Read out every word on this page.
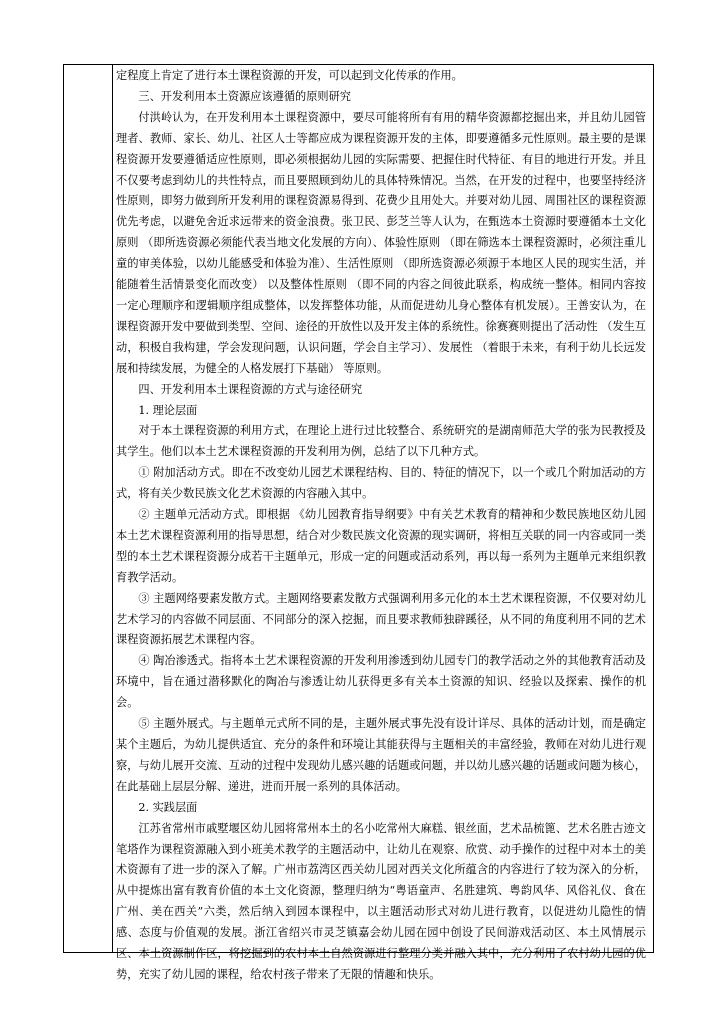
定程度上肯定了进行本土课程资源的开发，可以起到文化传承的作用。

三、开发利用本土资源应该遵循的原则研究

付洪岭认为，在开发利用本土课程资源中，要尽可能将所有有用的精华资源都挖掘出来，并且幼儿园管理者、教师、家长、幼儿、社区人士等都应成为课程资源开发的主体，即要遵循多元性原则。最主要的是课程资源开发要遵循适应性原则，即必须根据幼儿园的实际需要、把握住时代特征、有目的地进行开发。并且不仅要考虑到幼儿的共性特点，而且要照顾到幼儿的具体特殊情况。当然，在开发的过程中，也要坚持经济性原则，即努力做到所开发利用的课程资源易得到、花费少且用处大。并要对幼儿园、周围社区的课程资源优先考虑，以避免舍近求远带来的资金浪费。张卫民、彭芝兰等人认为，在甄选本土资源时要遵循本土文化原则 （即所选资源必须能代表当地文化发展的方向）、体验性原则 （即在筛选本土课程资源时，必须注重儿童的审美体验，以幼儿能感受和体验为准）、生活性原则 （即所选资源必须源于本地区人民的现实生活，并能随着生活情景变化而改变） 以及整体性原则 （即不同的内容之间彼此联系，构成统一整体。相同内容按一定心理顺序和逻辑顺序组成整体，以发挥整体功能，从而促进幼儿身心整体有机发展）。王善安认为，在课程资源开发中要做到类型、空间、途径的开放性以及开发主体的系统性。徐赛赛则提出了活动性 （发生互动，积极自我构建，学会发现问题，认识问题，学会自主学习）、发展性 （着眼于未来，有利于幼儿长远发展和持续发展，为健全的人格发展打下基础） 等原则。

四、开发利用本土课程资源的方式与途径研究

1. 理论层面

对于本土课程资源的利用方式，在理论上进行过比较整合、系统研究的是湖南师范大学的张为民教授及其学生。他们以本土艺术课程资源的开发利用为例，总结了以下几种方式。

① 附加活动方式。即在不改变幼儿园艺术课程结构、目的、特征的情况下，以一个或几个附加活动的方式，将有关少数民族文化艺术资源的内容融入其中。

② 主题单元活动方式。即根据 《幼儿园教育指导纲要》中有关艺术教育的精神和少数民族地区幼儿园本土艺术课程资源利用的指导思想，结合对少数民族文化资源的现实调研，将相互关联的同一内容或同一类型的本土艺术课程资源分成若干主题单元，形成一定的问题或活动系列，再以每一系列为主题单元来组织教育教学活动。

③ 主题网络要素发散方式。主题网络要素发散方式强调利用多元化的本土艺术课程资源，不仅要对幼儿艺术学习的内容做不同层面、不同部分的深入挖掘，而且要求教师独辟蹊径，从不同的角度利用不同的艺术课程资源拓展艺术课程内容。

④ 陶冶渗透式。指将本土艺术课程资源的开发利用渗透到幼儿园专门的教学活动之外的其他教育活动及环境中，旨在通过潜移默化的陶冶与渗透让幼儿获得更多有关本土资源的知识、经验以及探索、操作的机会。

⑤ 主题外展式。与主题单元式所不同的是，主题外展式事先没有设计详尽、具体的活动计划，而是确定某个主题后，为幼儿提供适宜、充分的条件和环境让其能获得与主题相关的丰富经验，教师在对幼儿进行观察，与幼儿展开交流、互动的过程中发现幼儿感兴趣的话题或问题，并以幼儿感兴趣的话题或问题为核心，在此基础上层层分解、递进，进而开展一系列的具体活动。

2. 实践层面

江苏省常州市戚墅堰区幼儿园将常州本土的名小吃常州大麻糕、银丝面，艺术品梳篦、艺术名胜古迹文笔塔作为课程资源融入到小班美术教学的主题活动中，让幼儿在观察、欣赏、动手操作的过程中对本土的美术资源有了进一步的深入了解。广州市荔湾区西关幼儿园对西关文化所蕴含的内容进行了较为深入的分析，从中提炼出富有教育价值的本土文化资源，整理归纳为“粤语童声、名胜建筑、粤韵风华、风俗礼仪、食在广州、美在西关”六类，然后纳入到园本课程中，以主题活动形式对幼儿进行教育，以促进幼儿隐性的情感、态度与价值观的发展。浙江省绍兴市灵芝镇嘉会幼儿园在园中创设了民间游戏活动区、本土风情展示区、本土资源制作区，将挖掘到的农村本土自然资源进行整理分类并融入其中，充分利用了农村幼儿园的优势，充实了幼儿园的课程，给农村孩子带来了无限的情趣和快乐。
